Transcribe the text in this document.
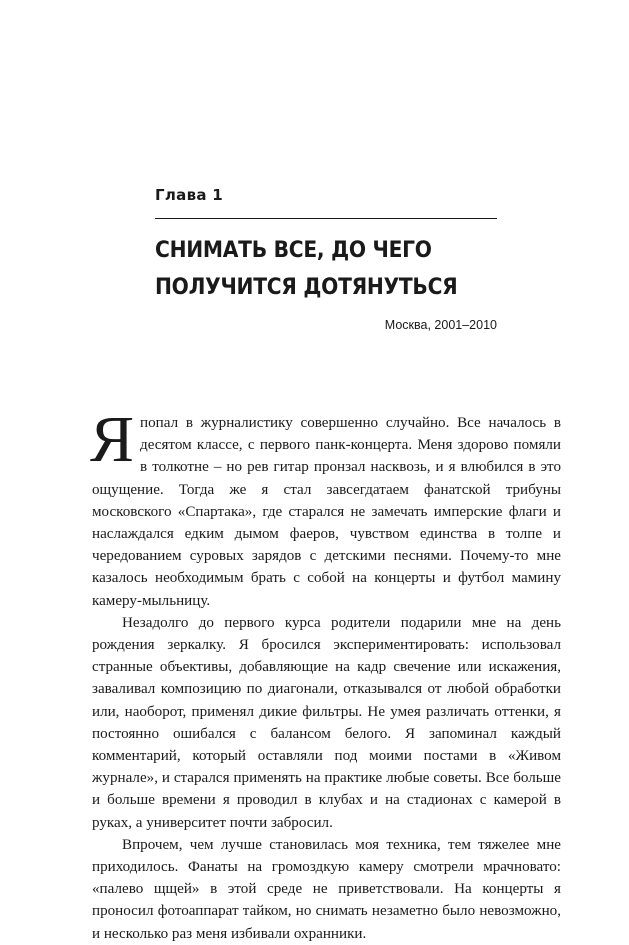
Глава 1
СНИМАТЬ ВСЕ, ДО ЧЕГО
ПОЛУЧИТСЯ ДОТЯНУТЬСЯ
Москва, 2001–2010

Я попал в журналистику совершенно случайно. Все началось в десятом классе, с первого панк-концерта. Меня здорово помяли в толкотне – но рев гитар пронзал насквозь, и я влюбился в это ощущение. Тогда же я стал завсегдатаем фанатской трибуны московского «Спартака», где старался не замечать имперские флаги и наслаждался едким дымом фаеров, чувством единства в толпе и чередованием суровых зарядов с детскими песнями. Почему-то мне казалось необходимым брать с собой на концерты и футбол мамину камеру-мыльницу.

Незадолго до первого курса родители подарили мне на день рождения зеркалку. Я бросился экспериментировать: использовал странные объективы, добавляющие на кадр свечение или искажения, заваливал композицию по диагонали, отказывался от любой обработки или, наоборот, применял дикие фильтры. Не умея различать оттенки, я постоянно ошибался с балансом белого. Я запоминал каждый комментарий, который оставляли под моими постами в «Живом журнале», и старался применять на практике любые советы. Все больше и больше времени я проводил в клубах и на стадионах с камерой в руках, а университет почти забросил.

Впрочем, чем лучше становилась моя техника, тем тяжелее мне приходилось. Фанаты на громоздкую камеру смотрели мрачновато: «палево щщей» в этой среде не приветствовали. На концерты я проносил фотоаппарат тайком, но снимать незаметно было невозможно, и несколько раз меня избивали охранники.
